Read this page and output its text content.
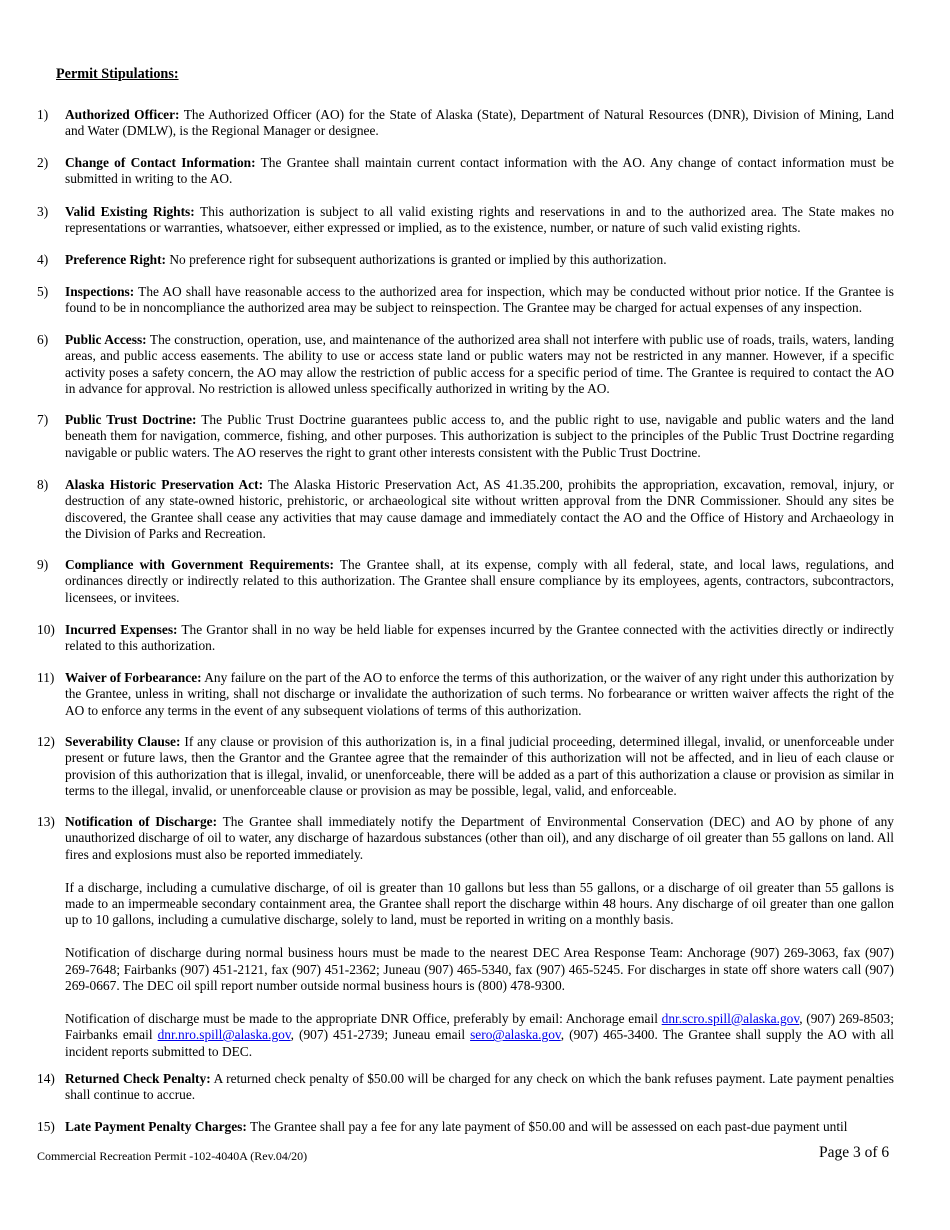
Permit Stipulations:
1) Authorized Officer: The Authorized Officer (AO) for the State of Alaska (State), Department of Natural Resources (DNR), Division of Mining, Land and Water (DMLW), is the Regional Manager or designee.

2) Change of Contact Information: The Grantee shall maintain current contact information with the AO. Any change of contact information must be submitted in writing to the AO.

3) Valid Existing Rights: This authorization is subject to all valid existing rights and reservations in and to the authorized area. The State makes no representations or warranties, whatsoever, either expressed or implied, as to the existence, number, or nature of such valid existing rights.

4) Preference Right: No preference right for subsequent authorizations is granted or implied by this authorization.

5) Inspections: The AO shall have reasonable access to the authorized area for inspection, which may be conducted without prior notice. If the Grantee is found to be in noncompliance the authorized area may be subject to reinspection. The Grantee may be charged for actual expenses of any inspection.

6) Public Access: The construction, operation, use, and maintenance of the authorized area shall not interfere with public use of roads, trails, waters, landing areas, and public access easements. The ability to use or access state land or public waters may not be restricted in any manner. However, if a specific activity poses a safety concern, the AO may allow the restriction of public access for a specific period of time. The Grantee is required to contact the AO in advance for approval. No restriction is allowed unless specifically authorized in writing by the AO.

7) Public Trust Doctrine: The Public Trust Doctrine guarantees public access to, and the public right to use, navigable and public waters and the land beneath them for navigation, commerce, fishing, and other purposes. This authorization is subject to the principles of the Public Trust Doctrine regarding navigable or public waters. The AO reserves the right to grant other interests consistent with the Public Trust Doctrine.

8) Alaska Historic Preservation Act: The Alaska Historic Preservation Act, AS 41.35.200, prohibits the appropriation, excavation, removal, injury, or destruction of any state-owned historic, prehistoric, or archaeological site without written approval from the DNR Commissioner. Should any sites be discovered, the Grantee shall cease any activities that may cause damage and immediately contact the AO and the Office of History and Archaeology in the Division of Parks and Recreation.

9) Compliance with Government Requirements: The Grantee shall, at its expense, comply with all federal, state, and local laws, regulations, and ordinances directly or indirectly related to this authorization. The Grantee shall ensure compliance by its employees, agents, contractors, subcontractors, licensees, or invitees.

10) Incurred Expenses: The Grantor shall in no way be held liable for expenses incurred by the Grantee connected with the activities directly or indirectly related to this authorization.

11) Waiver of Forbearance: Any failure on the part of the AO to enforce the terms of this authorization, or the waiver of any right under this authorization by the Grantee, unless in writing, shall not discharge or invalidate the authorization of such terms. No forbearance or written waiver affects the right of the AO to enforce any terms in the event of any subsequent violations of terms of this authorization.

12) Severability Clause: If any clause or provision of this authorization is, in a final judicial proceeding, determined illegal, invalid, or unenforceable under present or future laws, then the Grantor and the Grantee agree that the remainder of this authorization will not be affected, and in lieu of each clause or provision of this authorization that is illegal, invalid, or unenforceable, there will be added as a part of this authorization a clause or provision as similar in terms to the illegal, invalid, or unenforceable clause or provision as may be possible, legal, valid, and enforceable.

13) Notification of Discharge: The Grantee shall immediately notify the Department of Environmental Conservation (DEC) and AO by phone of any unauthorized discharge of oil to water, any discharge of hazardous substances (other than oil), and any discharge of oil greater than 55 gallons on land. All fires and explosions must also be reported immediately.

If a discharge, including a cumulative discharge, of oil is greater than 10 gallons but less than 55 gallons, or a discharge of oil greater than 55 gallons is made to an impermeable secondary containment area, the Grantee shall report the discharge within 48 hours. Any discharge of oil greater than one gallon up to 10 gallons, including a cumulative discharge, solely to land, must be reported in writing on a monthly basis.

Notification of discharge during normal business hours must be made to the nearest DEC Area Response Team: Anchorage (907) 269-3063, fax (907) 269-7648; Fairbanks (907) 451-2121, fax (907) 451-2362; Juneau (907) 465-5340, fax (907) 465-5245. For discharges in state off shore waters call (907) 269-0667. The DEC oil spill report number outside normal business hours is (800) 478-9300.

Notification of discharge must be made to the appropriate DNR Office, preferably by email: Anchorage email dnr.scro.spill@alaska.gov, (907) 269-8503; Fairbanks email dnr.nro.spill@alaska.gov, (907) 451-2739; Juneau email sero@alaska.gov, (907) 465-3400. The Grantee shall supply the AO with all incident reports submitted to DEC.

14) Returned Check Penalty: A returned check penalty of $50.00 will be charged for any check on which the bank refuses payment. Late payment penalties shall continue to accrue.

15) Late Payment Penalty Charges: The Grantee shall pay a fee for any late payment of $50.00 and will be assessed on each past-due payment until

Commercial Recreation Permit -102-4040A (Rev.04/20)	Page 3 of 6
